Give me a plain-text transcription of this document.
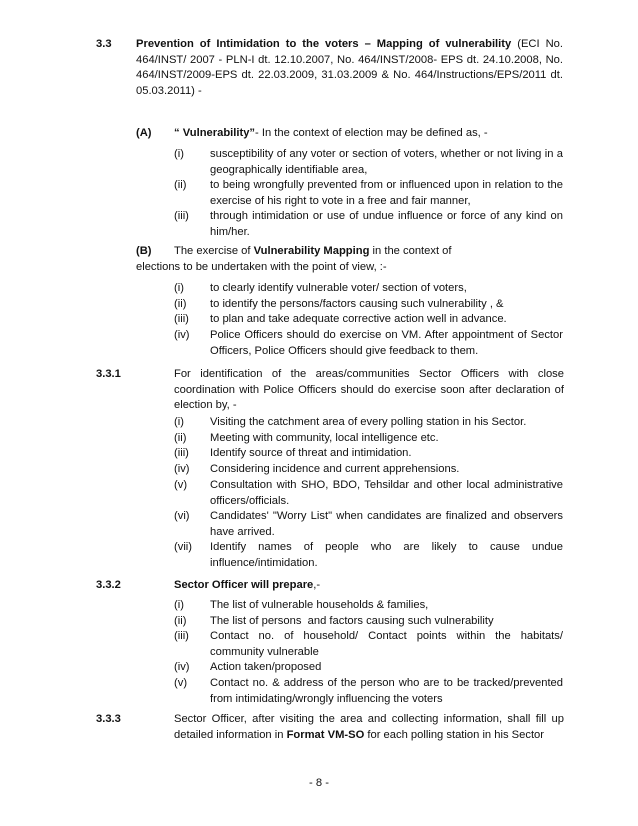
3.3 Prevention of Intimidation to the voters – Mapping of vulnerability (ECI No. 464/INST/ 2007 - PLN-I dt. 12.10.2007, No. 464/INST/2008- EPS dt. 24.10.2008, No. 464/INST/2009-EPS dt. 22.03.2009, 31.03.2009 & No. 464/Instructions/EPS/2011 dt. 05.03.2011) -
(A) “ Vulnerability”- In the context of election may be defined as, -
(i) susceptibility of any voter or section of voters, whether or not living in a geographically identifiable area,
(ii) to being wrongfully prevented from or influenced upon in relation to the exercise of his right to vote in a free and fair manner,
(iii) through intimidation or use of undue influence or force of any kind on him/her.
(B) The exercise of Vulnerability Mapping in the context of
elections to be undertaken with the point of view, :-
(i) to clearly identify vulnerable voter/ section of voters,
(ii) to identify the persons/factors causing such vulnerability , &
(iii) to plan and take adequate corrective action well in advance.
(iv) Police Officers should do exercise on VM. After appointment of Sector Officers, Police Officers should give feedback to them.
3.3.1	For identification of the areas/communities Sector Officers with close coordination with Police Officers should do exercise soon after declaration of election by, -
(i) Visiting the catchment area of every polling station in his Sector.
(ii) Meeting with community, local intelligence etc.
(iii) Identify source of threat and intimidation.
(iv) Considering incidence and current apprehensions.
(v) Consultation with SHO, BDO, Tehsildar and other local administrative officers/officials.
(vi) Candidates' "Worry List" when candidates are finalized and observers have arrived.
(vii) Identify names of people who are likely to cause undue influence/intimidation.
3.3.2	Sector Officer will prepare,-
(i) The list of vulnerable households & families,
(ii) The list of persons  and factors causing such vulnerability
(iii) Contact no. of household/ Contact points within the habitats/ community vulnerable
(iv) Action taken/proposed
(v) Contact no. & address of the person who are to be tracked/prevented from intimidating/wrongly influencing the voters
3.3.3	Sector Officer, after visiting the area and collecting information, shall fill up detailed information in Format VM-SO for each polling station in his Sector
- 8 -
